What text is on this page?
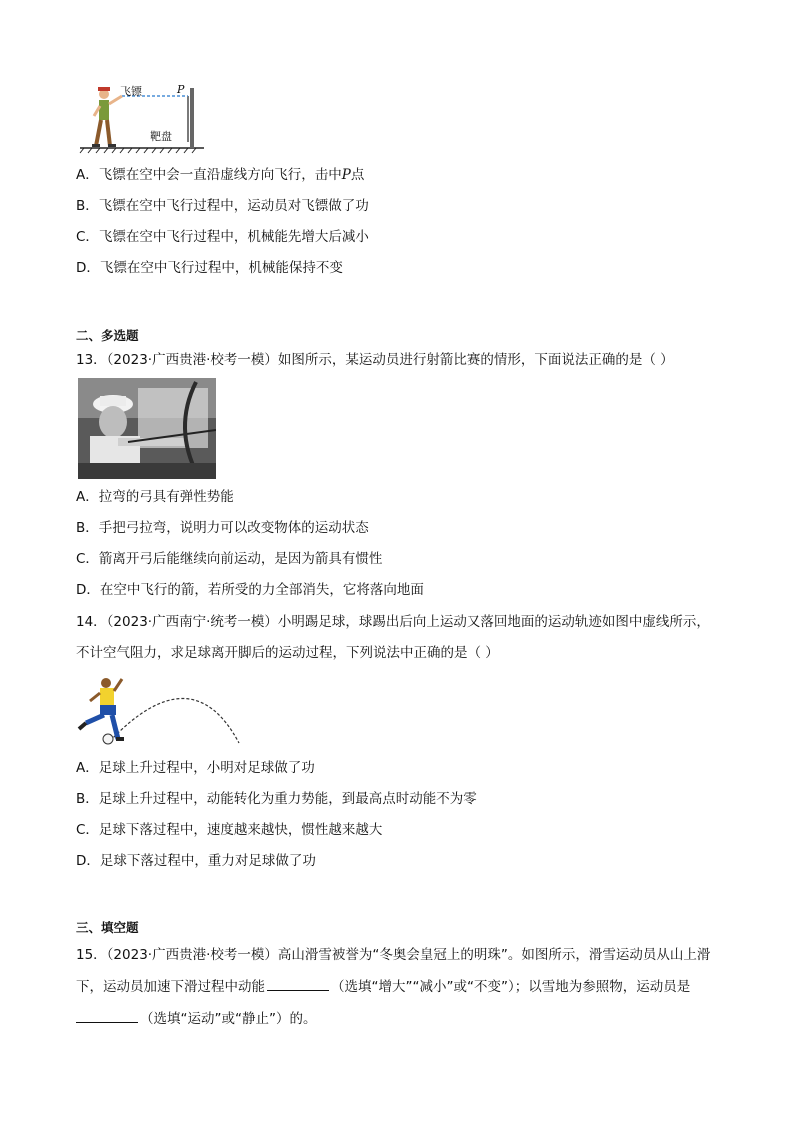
飞镖	P
靶盘
A．飞镖在空中会一直沿虚线方向飞行，击中P点
B．飞镖在空中飞行过程中，运动员对飞镖做了功
C．飞镖在空中飞行过程中，机械能先增大后减小
D．飞镖在空中飞行过程中，机械能保持不变
二、多选题
13．（2023·广西贵港·校考一模）如图所示，某运动员进行射箭比赛的情形，下面说法正确的是（ ）
A．拉弯的弓具有弹性势能
B．手把弓拉弯，说明力可以改变物体的运动状态
C．箭离开弓后能继续向前运动，是因为箭具有惯性
D．在空中飞行的箭，若所受的力全部消失，它将落向地面
14．（2023·广西南宁·统考一模）小明踢足球，球踢出后向上运动又落回地面的运动轨迹如图中虚线所示，
不计空气阻力，求足球离开脚后的运动过程，下列说法中正确的是（ ）
A．足球上升过程中，小明对足球做了功
B．足球上升过程中，动能转化为重力势能，到最高点时动能不为零
C．足球下落过程中，速度越来越快，惯性越来越大
D．足球下落过程中，重力对足球做了功
三、填空题
15．（2023·广西贵港·校考一模）高山滑雪被誉为“冬奥会皇冠上的明珠”。如图所示，滑雪运动员从山上滑
下，运动员加速下滑过程中动能	（选填“增大”“减小”或“不变”）；以雪地为参照物，运动员是
（选填“运动”或“静止”）的。
